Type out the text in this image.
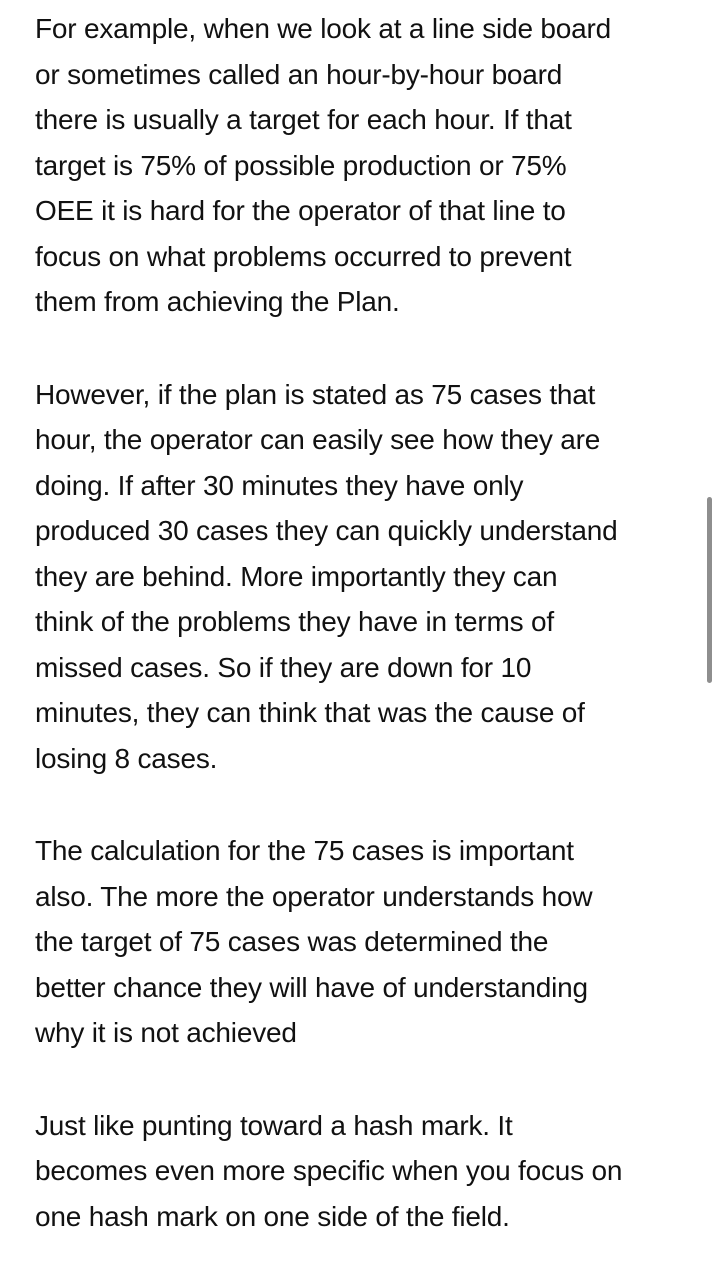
For example, when we look at a line side board
or sometimes called an hour-by-hour board
there is usually a target for each hour. If that
target is 75% of possible production or 75%
OEE it is hard for the operator of that line to
focus on what problems occurred to prevent
them from achieving the Plan.

However, if the plan is stated as 75 cases that
hour, the operator can easily see how they are
doing. If after 30 minutes they have only
produced 30 cases they can quickly understand
they are behind. More importantly they can
think of the problems they have in terms of
missed cases. So if they are down for 10
minutes, they can think that was the cause of
losing 8 cases.

The calculation for the 75 cases is important
also. The more the operator understands how
the target of 75 cases was determined the
better chance they will have of understanding
why it is not achieved

Just like punting toward a hash mark. It
becomes even more specific when you focus on
one hash mark on one side of the field.
